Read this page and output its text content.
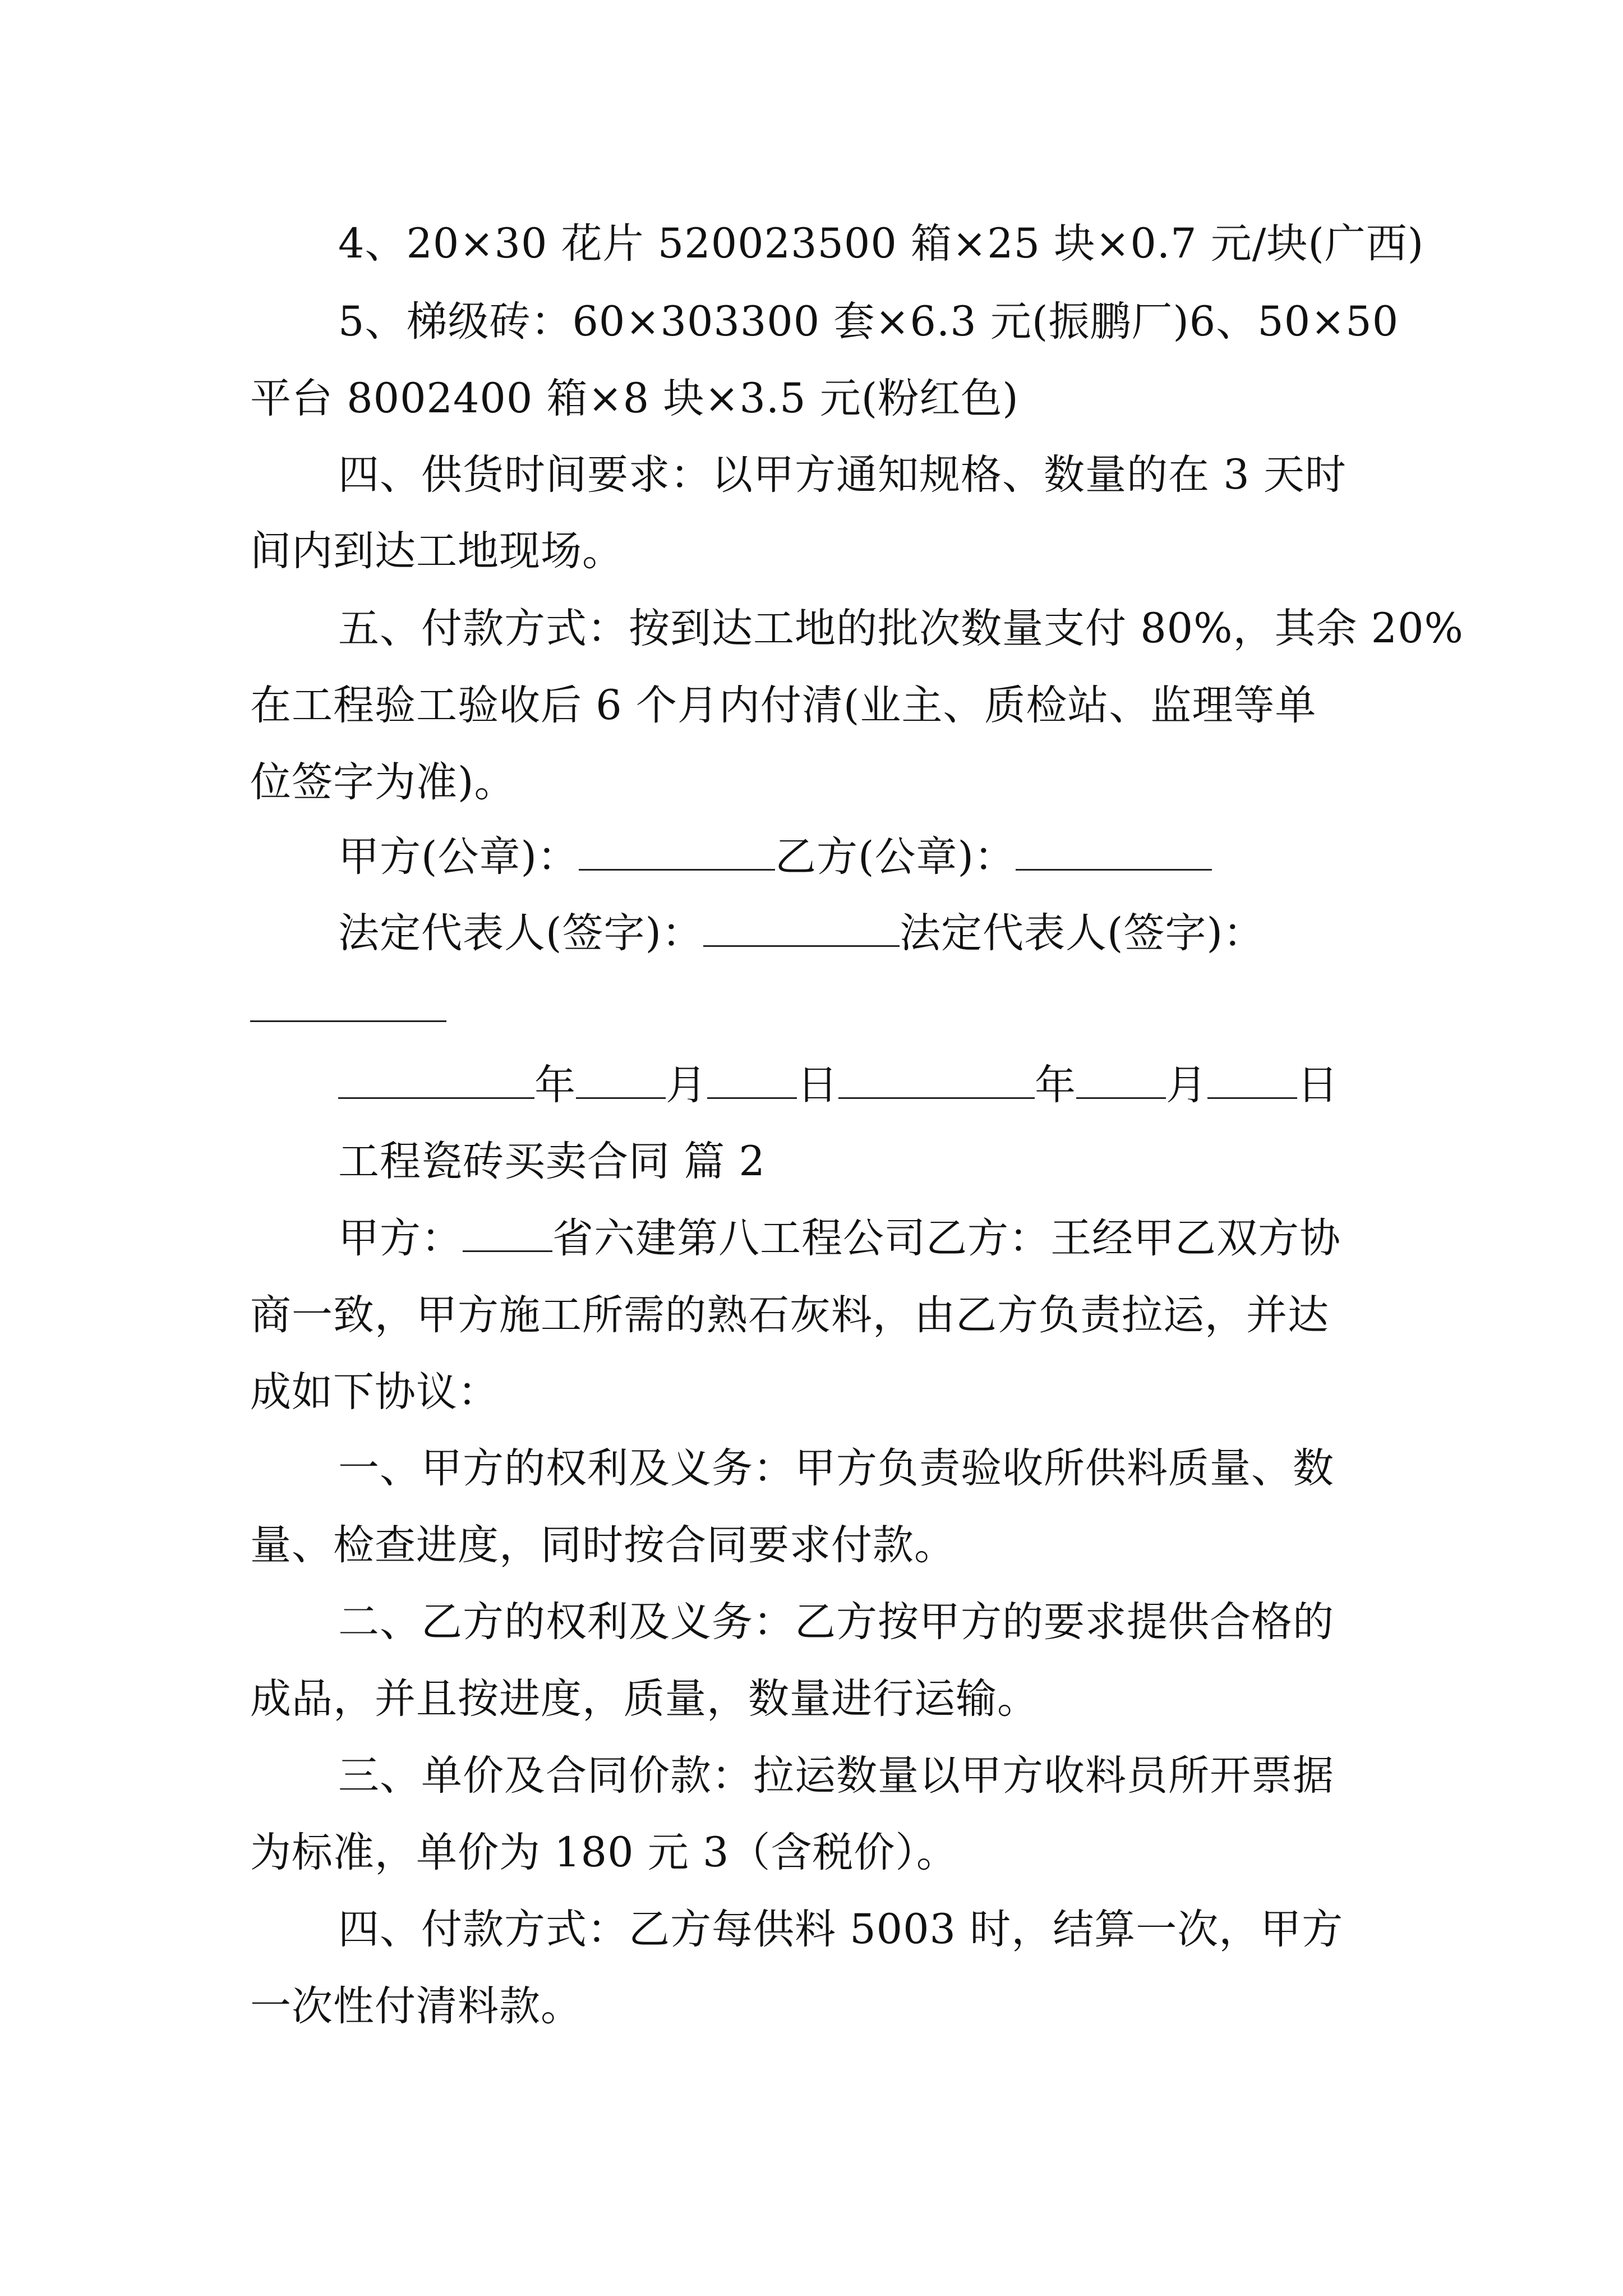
4、20×30 花片 520023500 箱×25 块×0.7 元/块(广西)
5、梯级砖：60×303300 套×6.3 元(振鹏厂)6、50×50
平台 8002400 箱×8 块×3.5 元(粉红色)
四、供货时间要求：以甲方通知规格、数量的在 3 天时
间内到达工地现场。
五、付款方式：按到达工地的批次数量支付 80%，其余 20%
在工程验工验收后 6 个月内付清(业主、质检站、监理等单
位签字为准)。
甲方(公章)：	乙方(公章)：
法定代表人(签字)：	法定代表人(签字)：
年 月 日	年 月 日
工程瓷砖买卖合同 篇 2
甲方： 省六建第八工程公司乙方：王经甲乙双方协
商一致，甲方施工所需的熟石灰料，由乙方负责拉运，并达
成如下协议：
一、甲方的权利及义务：甲方负责验收所供料质量、数
量、检查进度，同时按合同要求付款。
二、乙方的权利及义务：乙方按甲方的要求提供合格的
成品，并且按进度，质量，数量进行运输。
三、单价及合同价款：拉运数量以甲方收料员所开票据
为标准，单价为 180 元 3（含税价）。
四、付款方式：乙方每供料 5003 时，结算一次，甲方
一次性付清料款。
